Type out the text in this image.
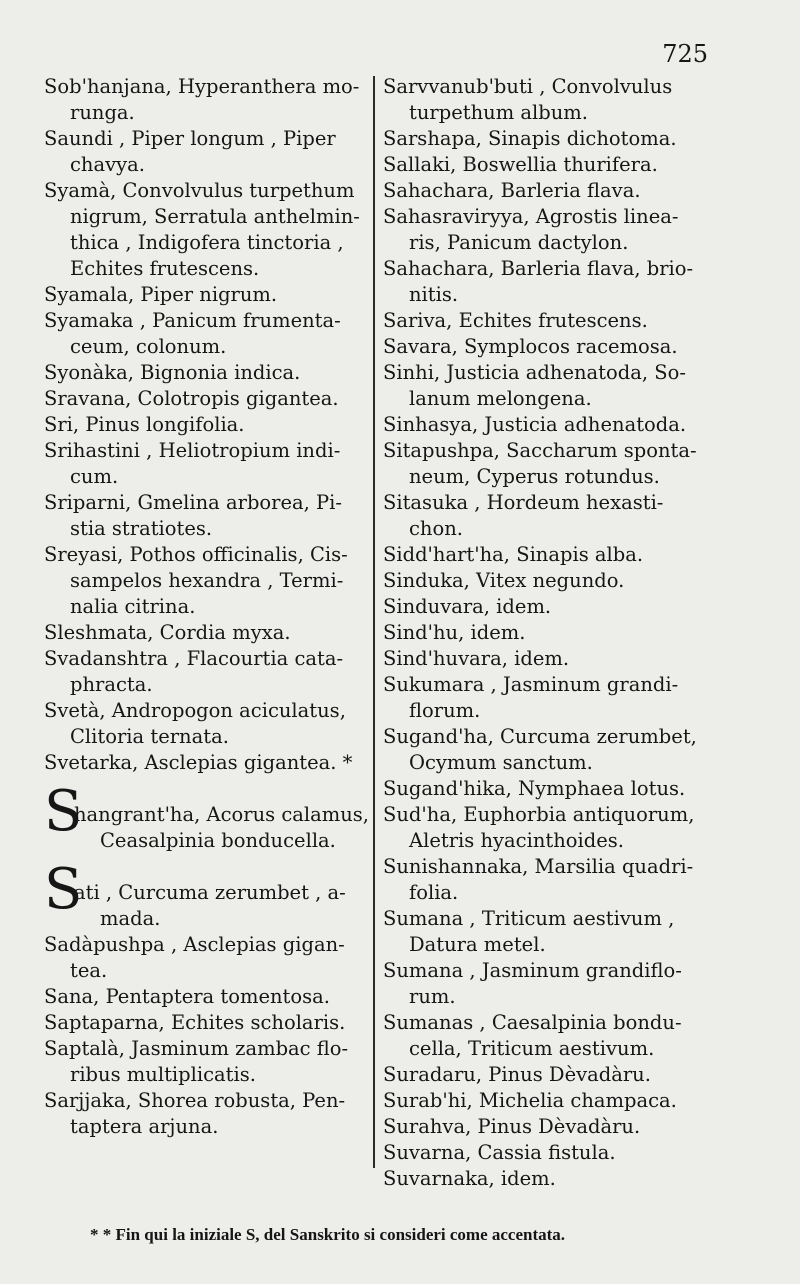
725
Sob'hanjana, Hyperanthera mo-
runga.
Saundi , Piper longum , Piper
chavya.
Syamà, Convolvulus turpethum
nigrum, Serratula anthelmin-
thica , Indigofera tinctoria ,
Echites frutescens.
Syamala, Piper nigrum.
Syamaka , Panicum frumenta-
ceum, colonum.
Syonàka, Bignonia indica.
Sravana, Colotropis gigantea.
Sri, Pinus longifolia.
Srihastini , Heliotropium indi-
cum.
Sriparni, Gmelina arborea, Pi-
stia stratiotes.
Sreyasi, Pothos officinalis, Cis-
sampelos hexandra , Termi-
nalia citrina.
Sleshmata, Cordia myxa.
Svadanshtra , Flacourtia cata-
phracta.
Svetà, Andropogon aciculatus,
Clitoria ternata.
Svetarka, Asclepias gigantea. *
S
hangrant'ha, Acorus calamus,
Ceasalpinia bonducella.
S
ati , Curcuma zerumbet , a-
mada.
Sadàpushpa , Asclepias gigan-
tea.
Sana, Pentaptera tomentosa.
Saptaparna, Echites scholaris.
Saptalà, Jasminum zambac flo-
ribus multiplicatis.
Sarjjaka, Shorea robusta, Pen-
taptera arjuna.
Sarvvanub'buti , Convolvulus
turpethum album.
Sarshapa, Sinapis dichotoma.
Sallaki, Boswellia thurifera.
Sahachara, Barleria flava.
Sahasraviryya, Agrostis linea-
ris, Panicum dactylon.
Sahachara, Barleria flava, brio-
nitis.
Sariva, Echites frutescens.
Savara, Symplocos racemosa.
Sinhi, Justicia adhenatoda, So-
lanum melongena.
Sinhasya, Justicia adhenatoda.
Sitapushpa, Saccharum sponta-
neum, Cyperus rotundus.
Sitasuka , Hordeum hexasti-
chon.
Sidd'hart'ha, Sinapis alba.
Sinduka, Vitex negundo.
Sinduvara, idem.
Sind'hu, idem.
Sind'huvara, idem.
Sukumara , Jasminum grandi-
florum.
Sugand'ha, Curcuma zerumbet,
Ocymum sanctum.
Sugand'hika, Nymphaea lotus.
Sud'ha, Euphorbia antiquorum,
Aletris hyacinthoides.
Sunishannaka, Marsilia quadri-
folia.
Sumana , Triticum aestivum ,
Datura metel.
Sumana , Jasminum grandiflo-
rum.
Sumanas , Caesalpinia bondu-
cella, Triticum aestivum.
Suradaru, Pinus Dèvadàru.
Surab'hi, Michelia champaca.
Surahva, Pinus Dèvadàru.
Suvarna, Cassia fistula.
Suvarnaka, idem.
* * Fin qui la iniziale S, del Sanskrito si consideri come accentata.
